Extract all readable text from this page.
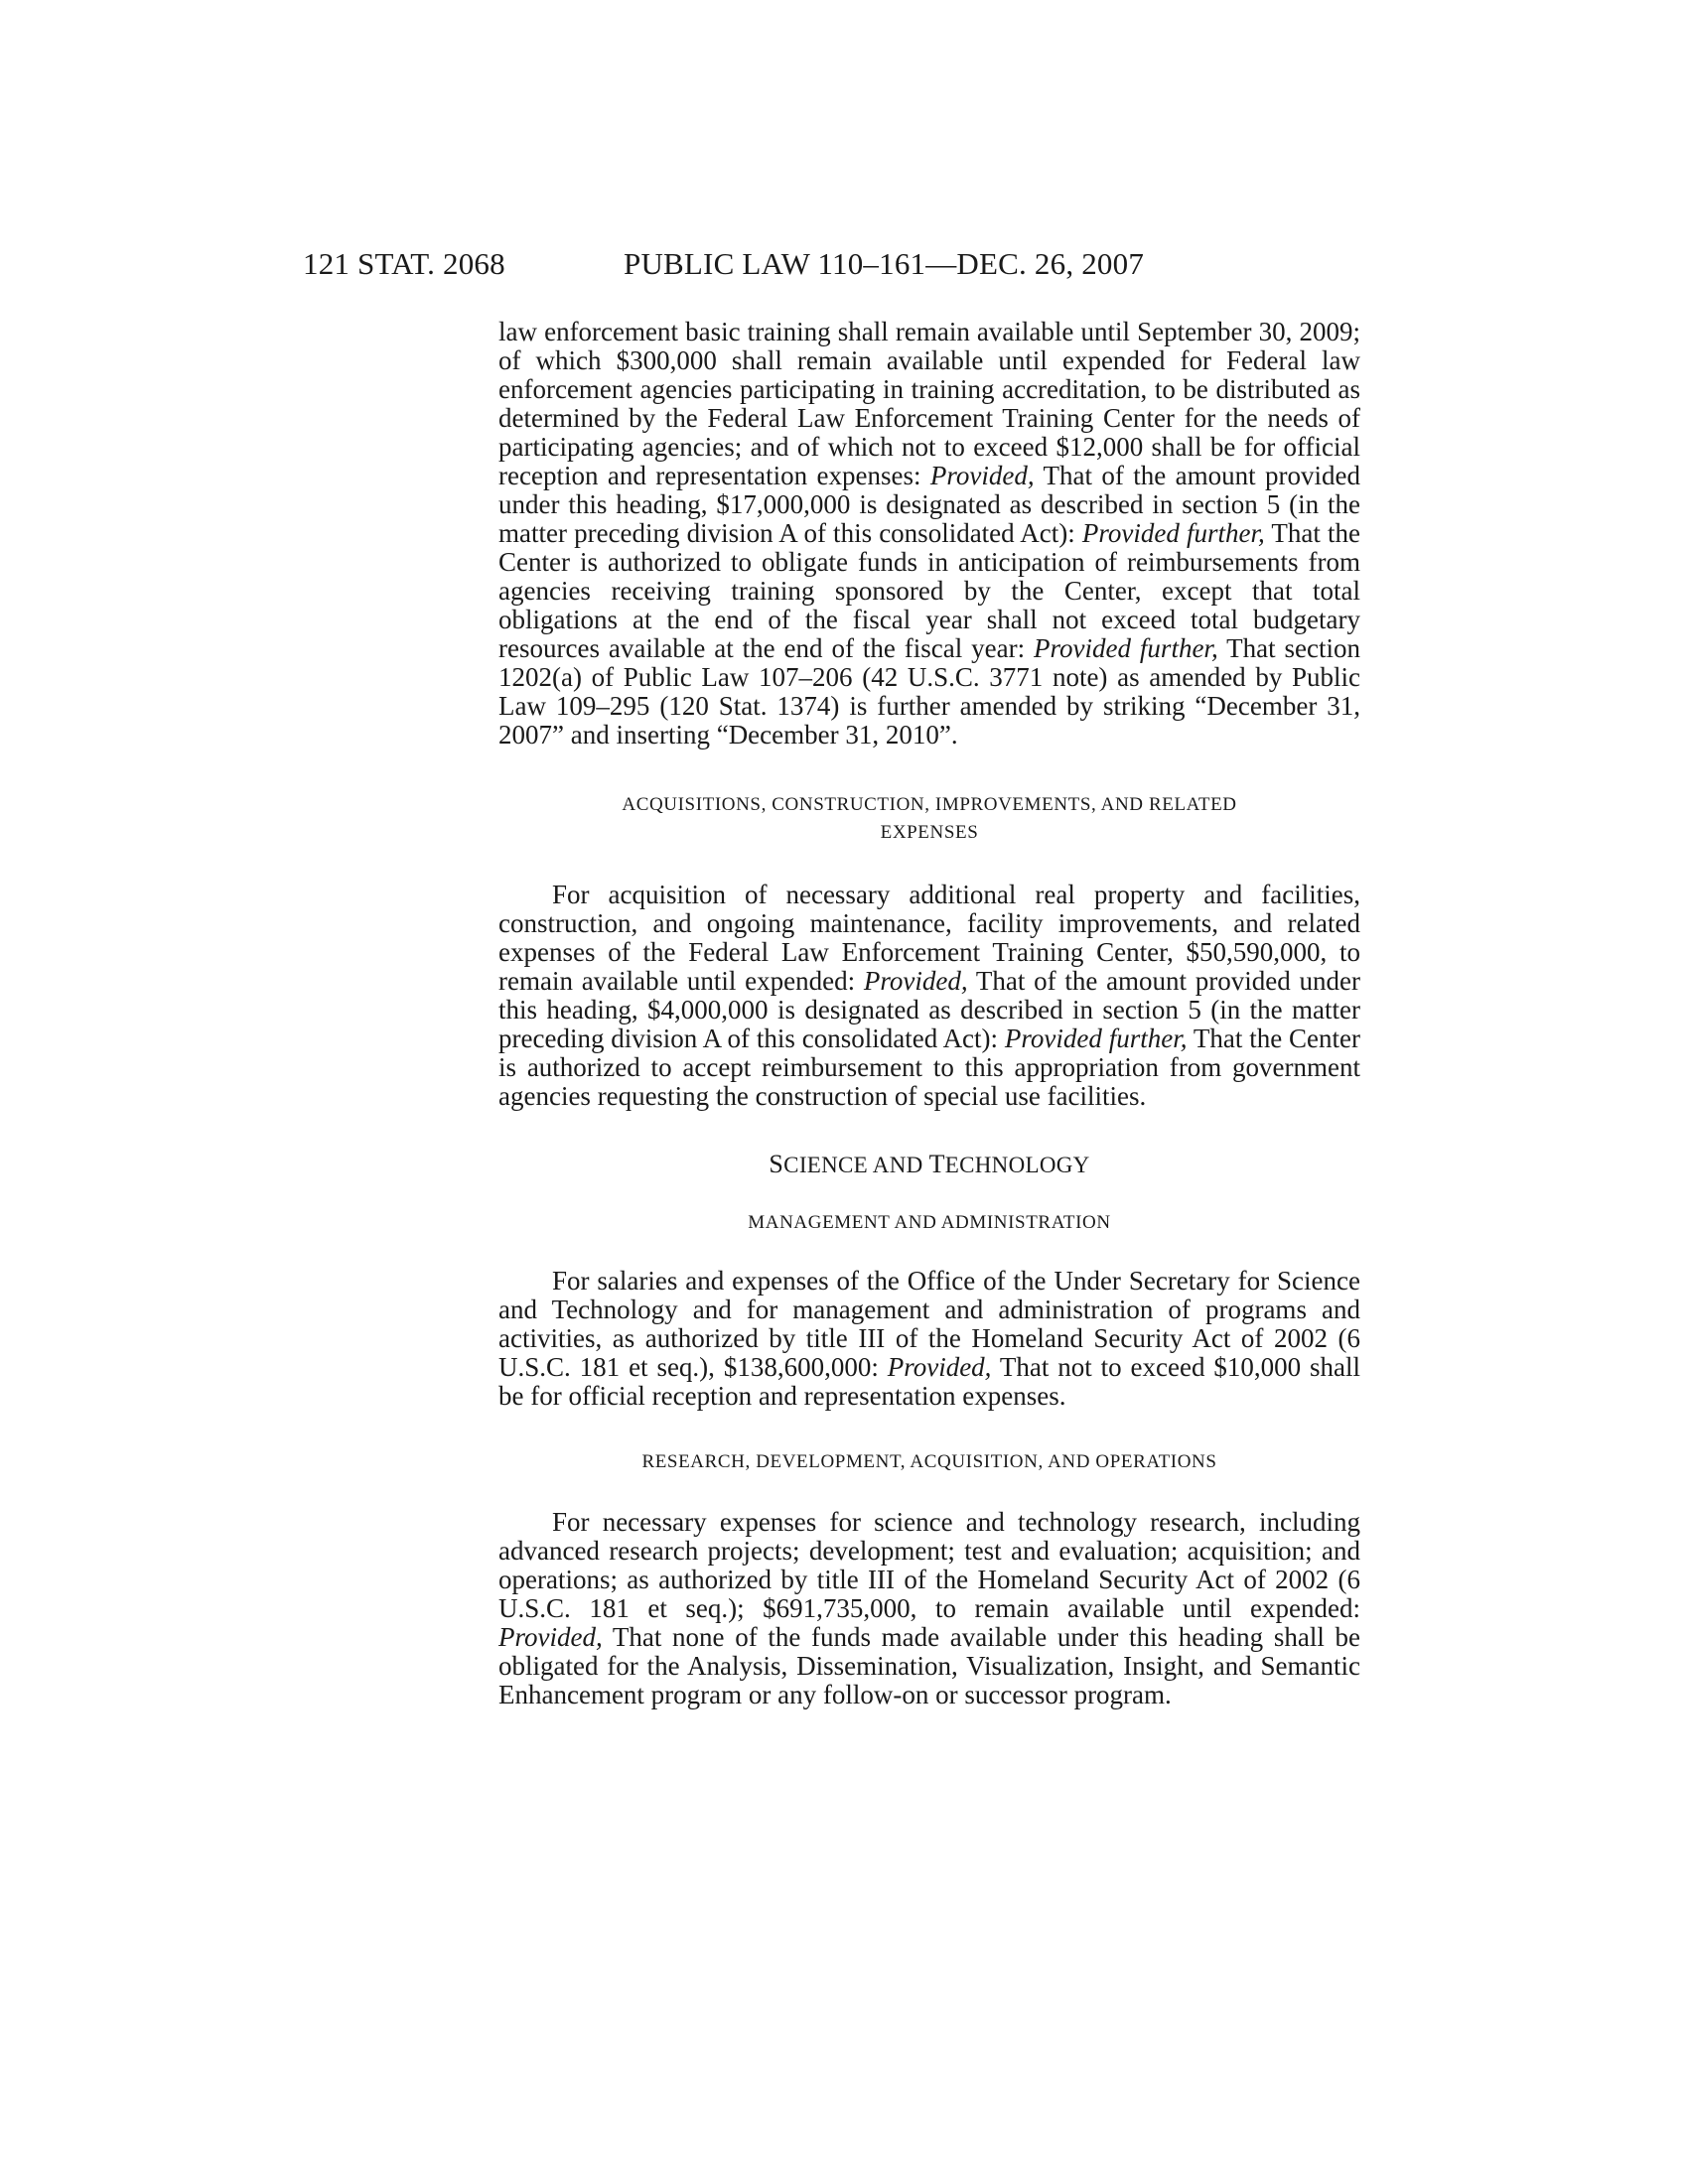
121 STAT. 2068	PUBLIC LAW 110–161—DEC. 26, 2007

law enforcement basic training shall remain available until September 30, 2009; of which $300,000 shall remain available until expended for Federal law enforcement agencies participating in training accreditation, to be distributed as determined by the Federal Law Enforcement Training Center for the needs of participating agencies; and of which not to exceed $12,000 shall be for official reception and representation expenses: Provided, That of the amount provided under this heading, $17,000,000 is designated as described in section 5 (in the matter preceding division A of this consolidated Act): Provided further, That the Center is authorized to obligate funds in anticipation of reimbursements from agencies receiving training sponsored by the Center, except that total obligations at the end of the fiscal year shall not exceed total budgetary resources available at the end of the fiscal year: Provided further, That section 1202(a) of Public Law 107–206 (42 U.S.C. 3771 note) as amended by Public Law 109–295 (120 Stat. 1374) is further amended by striking “December 31, 2007” and inserting “December 31, 2010”.

ACQUISITIONS, CONSTRUCTION, IMPROVEMENTS, AND RELATED
EXPENSES

For acquisition of necessary additional real property and facilities, construction, and ongoing maintenance, facility improvements, and related expenses of the Federal Law Enforcement Training Center, $50,590,000, to remain available until expended: Provided, That of the amount provided under this heading, $4,000,000 is designated as described in section 5 (in the matter preceding division A of this consolidated Act): Provided further, That the Center is authorized to accept reimbursement to this appropriation from government agencies requesting the construction of special use facilities.

SCIENCE AND TECHNOLOGY

MANAGEMENT AND ADMINISTRATION

For salaries and expenses of the Office of the Under Secretary for Science and Technology and for management and administration of programs and activities, as authorized by title III of the Homeland Security Act of 2002 (6 U.S.C. 181 et seq.), $138,600,000: Provided, That not to exceed $10,000 shall be for official reception and representation expenses.

RESEARCH, DEVELOPMENT, ACQUISITION, AND OPERATIONS

For necessary expenses for science and technology research, including advanced research projects; development; test and evaluation; acquisition; and operations; as authorized by title III of the Homeland Security Act of 2002 (6 U.S.C. 181 et seq.); $691,735,000, to remain available until expended: Provided, That none of the funds made available under this heading shall be obligated for the Analysis, Dissemination, Visualization, Insight, and Semantic Enhancement program or any follow-on or successor program.
